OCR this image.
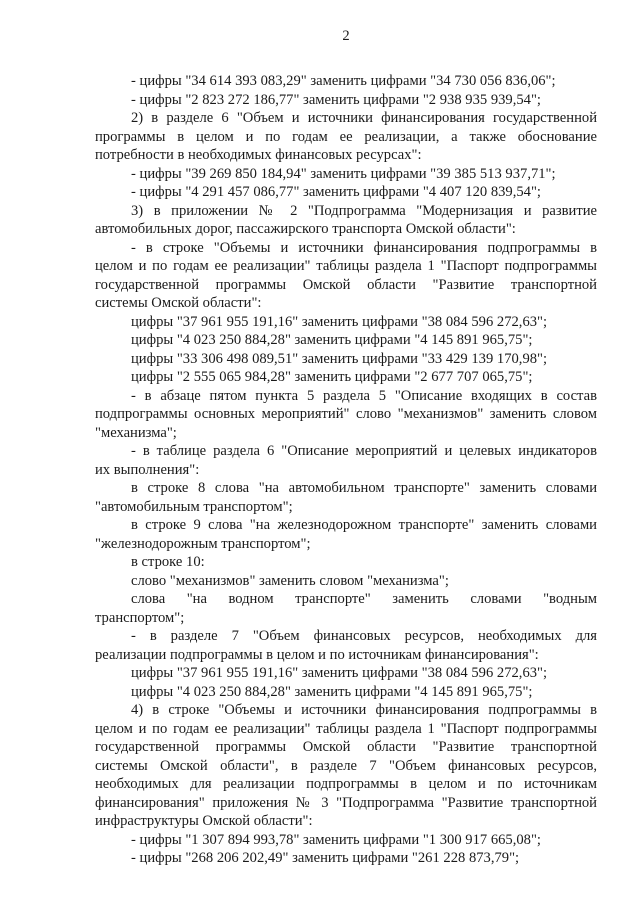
2
- цифры "34 614 393 083,29" заменить цифрами "34 730 056 836,06";
- цифры "2 823 272 186,77" заменить цифрами "2 938 935 939,54";
2) в разделе 6 "Объем и источники финансирования государственной
программы в целом и по годам ее реализации, а также обоснование
потребности в необходимых финансовых ресурсах":
- цифры "39 269 850 184,94" заменить цифрами "39 385 513 937,71";
- цифры "4 291 457 086,77" заменить цифрами "4 407 120 839,54";
3) в приложении № 2 "Подпрограмма "Модернизация и развитие
автомобильных дорог, пассажирского транспорта Омской области":
- в строке "Объемы и источники финансирования подпрограммы в
целом и по годам ее реализации" таблицы раздела 1 "Паспорт подпрограммы
государственной программы Омской области "Развитие транспортной
системы Омской области":
цифры "37 961 955 191,16" заменить цифрами "38 084 596 272,63";
цифры "4 023 250 884,28" заменить цифрами "4 145 891 965,75";
цифры "33 306 498 089,51" заменить цифрами "33 429 139 170,98";
цифры "2 555 065 984,28" заменить цифрами "2 677 707 065,75";
- в абзаце пятом пункта 5 раздела 5 "Описание входящих в состав
подпрограммы основных мероприятий" слово "механизмов" заменить словом
"механизма";
- в таблице раздела 6 "Описание мероприятий и целевых индикаторов
их выполнения":
в строке 8 слова "на автомобильном транспорте" заменить словами
"автомобильным транспортом";
в строке 9 слова "на железнодорожном транспорте" заменить словами
"железнодорожным транспортом";
в строке 10:
слово "механизмов" заменить словом "механизма";
слова "на водном транспорте" заменить словами "водным
транспортом";
- в разделе 7 "Объем финансовых ресурсов, необходимых для
реализации подпрограммы в целом и по источникам финансирования":
цифры "37 961 955 191,16" заменить цифрами "38 084 596 272,63";
цифры "4 023 250 884,28" заменить цифрами "4 145 891 965,75";
4) в строке "Объемы и источники финансирования подпрограммы в
целом и по годам ее реализации" таблицы раздела 1 "Паспорт подпрограммы
государственной программы Омской области "Развитие транспортной
системы Омской области", в разделе 7 "Объем финансовых ресурсов,
необходимых для реализации подпрограммы в целом и по источникам
финансирования" приложения № 3 "Подпрограмма "Развитие транспортной
инфраструктуры Омской области":
- цифры "1 307 894 993,78" заменить цифрами "1 300 917 665,08";
- цифры "268 206 202,49" заменить цифрами "261 228 873,79";
